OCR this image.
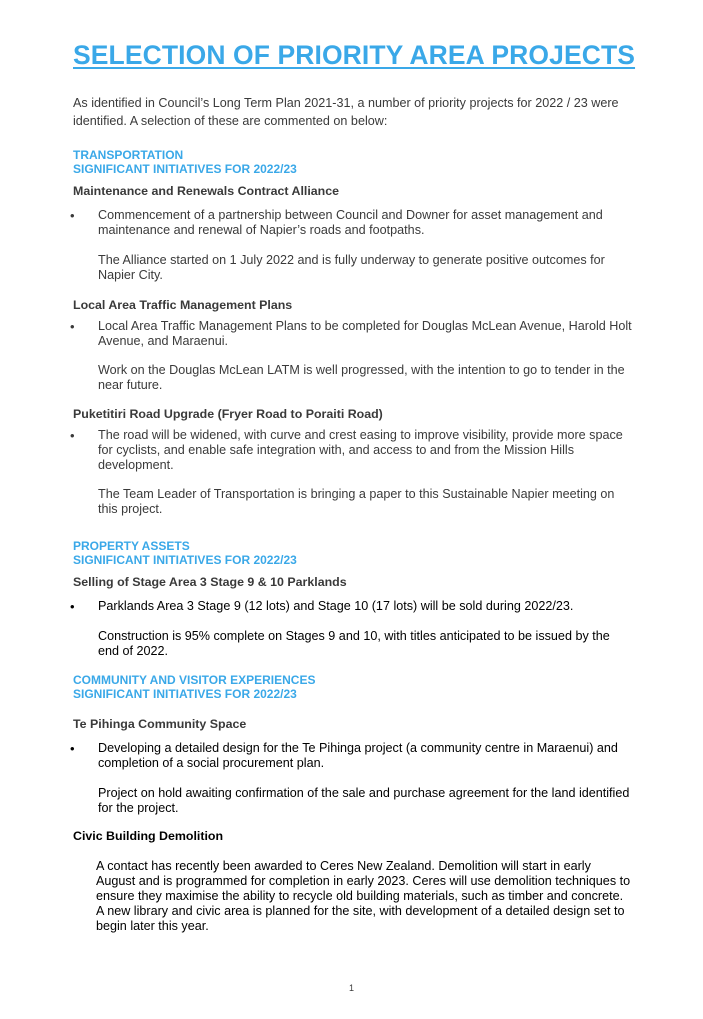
SELECTION OF PRIORITY AREA PROJECTS

As identified in Council’s Long Term Plan 2021-31, a number of priority projects for 2022 / 23 were identified. A selection of these are commented on below:

TRANSPORTATION
SIGNIFICANT INITIATIVES FOR 2022/23
Maintenance and Renewals Contract Alliance
• Commencement of a partnership between Council and Downer for asset management and maintenance and renewal of Napier’s roads and footpaths.

The Alliance started on 1 July 2022 and is fully underway to generate positive outcomes for Napier City.

Local Area Traffic Management Plans
• Local Area Traffic Management Plans to be completed for Douglas McLean Avenue, Harold Holt Avenue, and Maraenui.

Work on the Douglas McLean LATM is well progressed, with the intention to go to tender in the near future.

Puketitiri Road Upgrade (Fryer Road to Poraiti Road)
• The road will be widened, with curve and crest easing to improve visibility, provide more space for cyclists, and enable safe integration with, and access to and from the Mission Hills development.

The Team Leader of Transportation is bringing a paper to this Sustainable Napier meeting on this project.

PROPERTY ASSETS
SIGNIFICANT INITIATIVES FOR 2022/23
Selling of Stage Area 3 Stage 9 & 10 Parklands
• Parklands Area 3 Stage 9 (12 lots) and Stage 10 (17 lots) will be sold during 2022/23.

Construction is 95% complete on Stages 9 and 10, with titles anticipated to be issued by the end of 2022.

COMMUNITY AND VISITOR EXPERIENCES
SIGNIFICANT INITIATIVES FOR 2022/23
Te Pihinga Community Space
• Developing a detailed design for the Te Pihinga project (a community centre in Maraenui) and completion of a social procurement plan.

Project on hold awaiting confirmation of the sale and purchase agreement for the land identified for the project.

Civic Building Demolition

A contact has recently been awarded to Ceres New Zealand. Demolition will start in early August and is programmed for completion in early 2023. Ceres will use demolition techniques to ensure they maximise the ability to recycle old building materials, such as timber and concrete. A new library and civic area is planned for the site, with development of a detailed design set to begin later this year.

1
